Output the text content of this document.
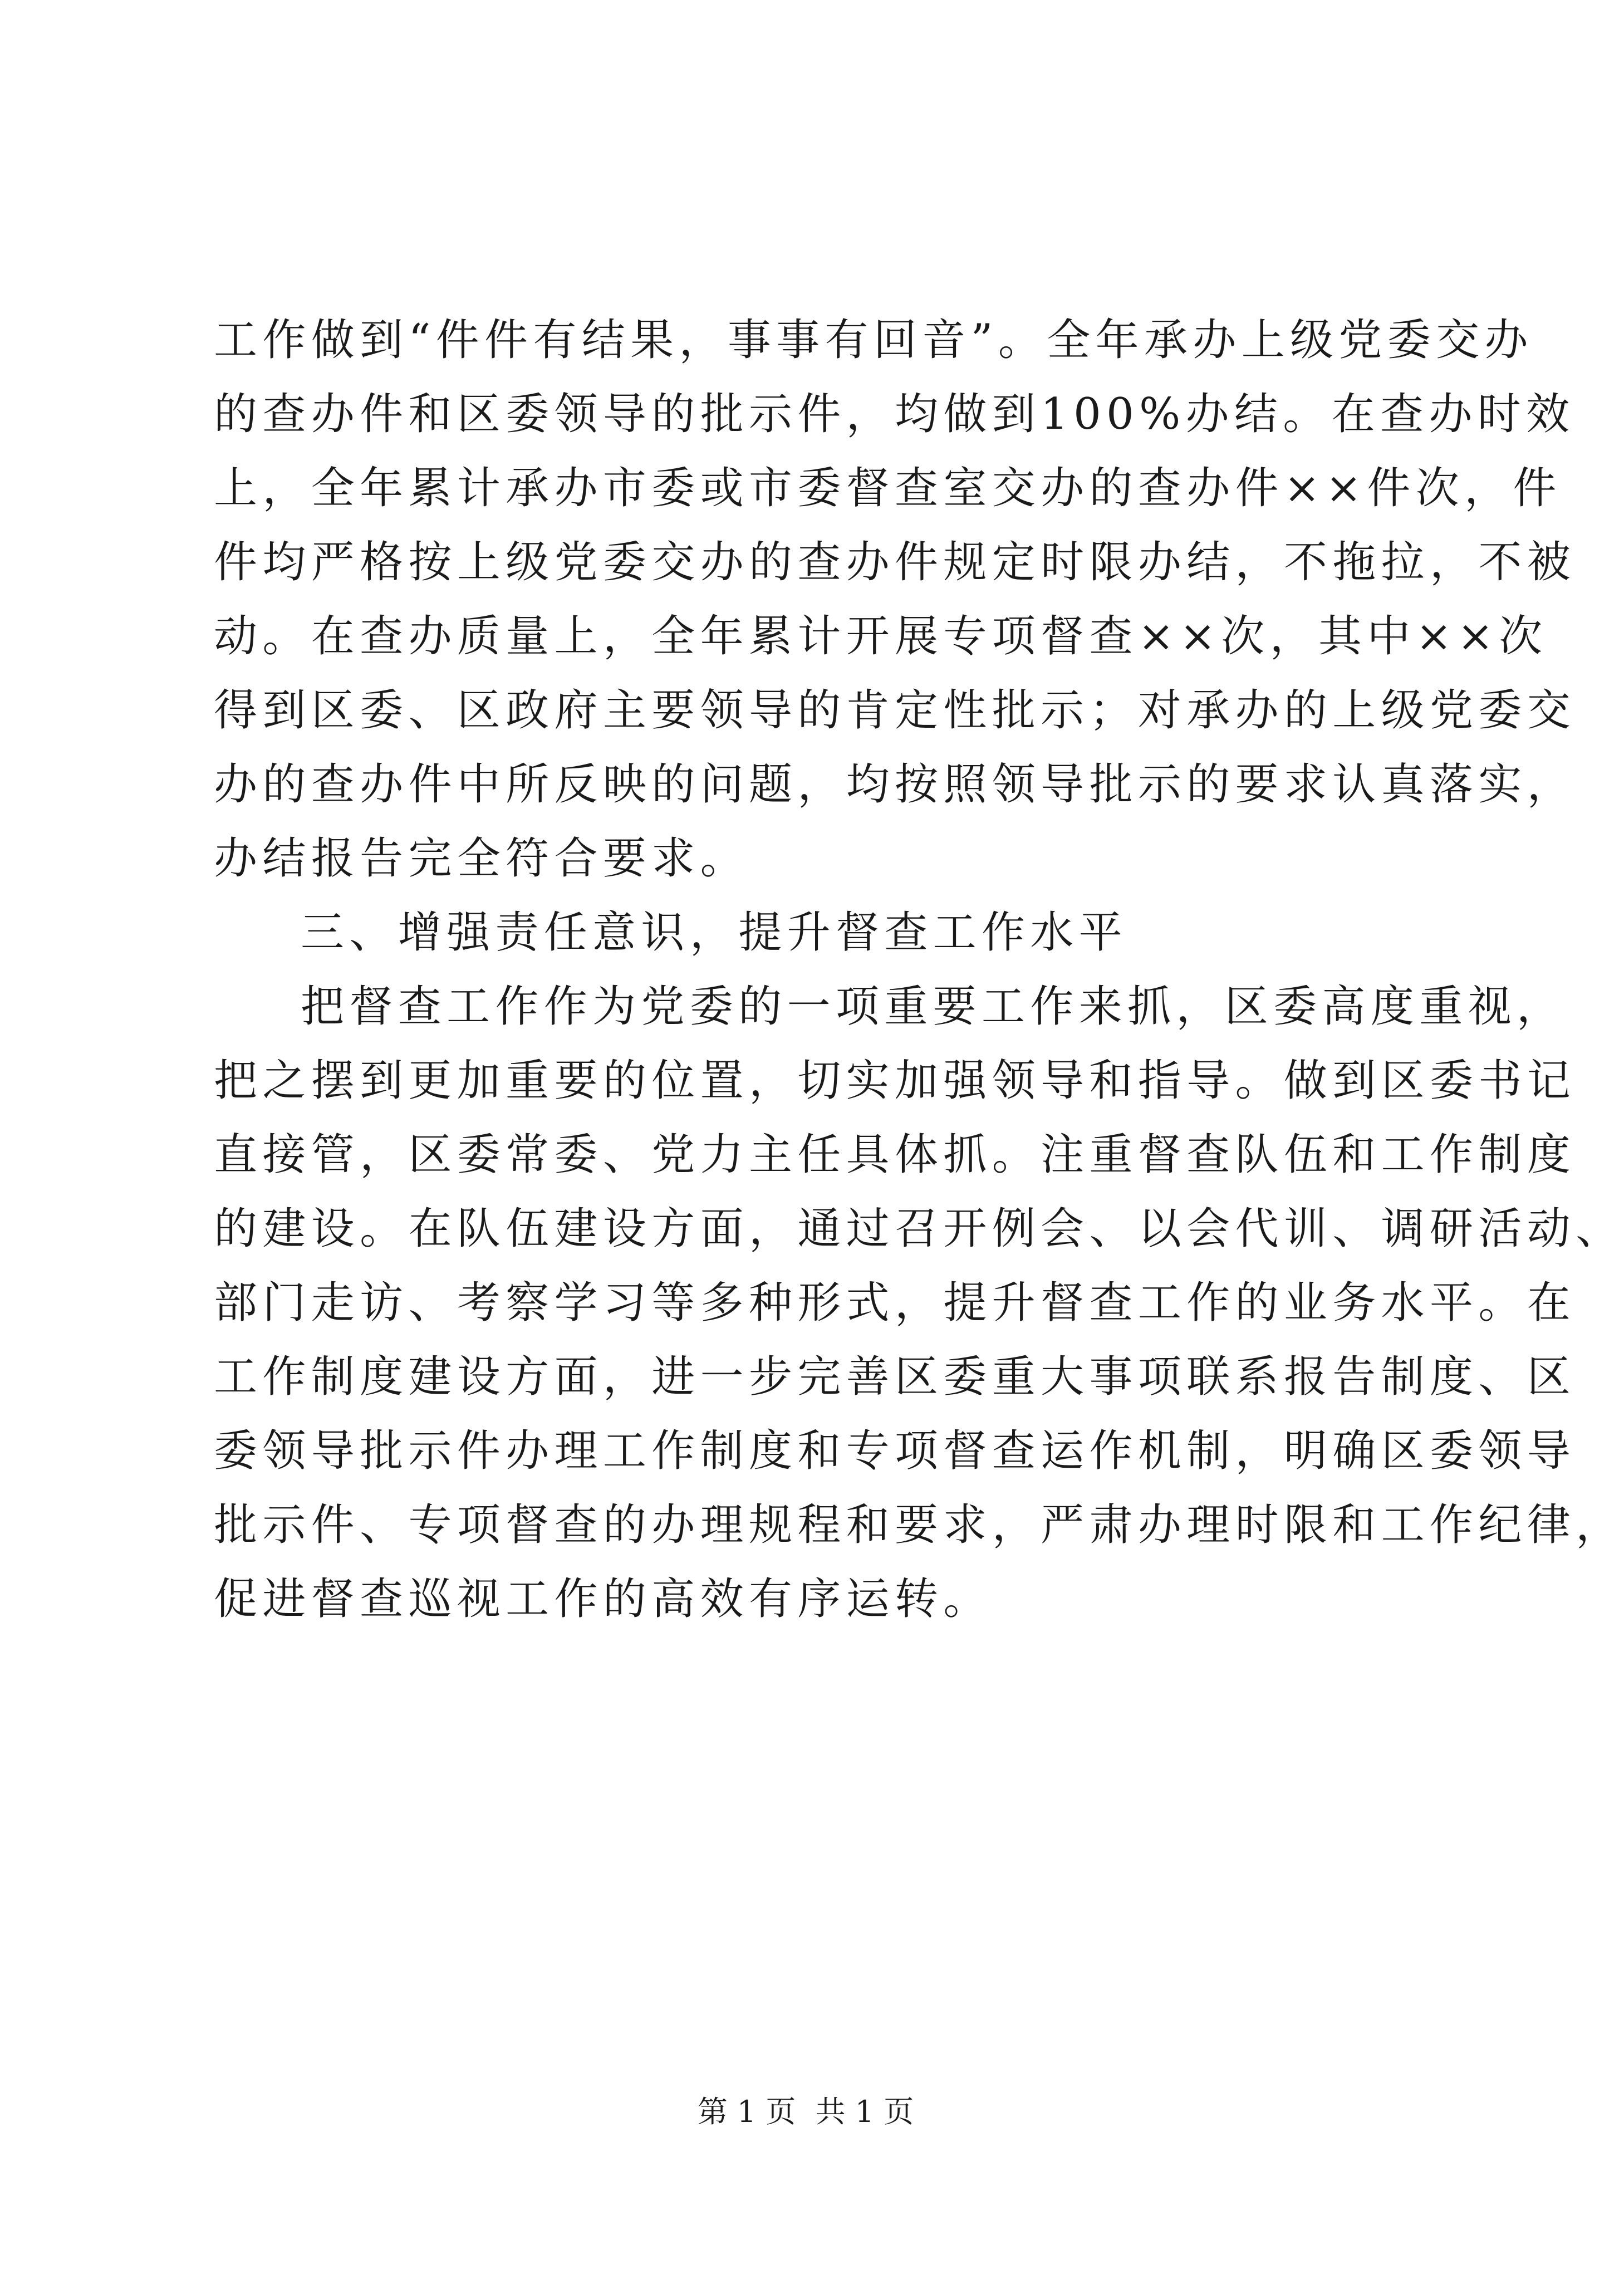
工作做到“件件有结果，事事有回音”。全年承办上级党委交办
的查办件和区委领导的批示件，均做到100%办结。在查办时效
上，全年累计承办市委或市委督查室交办的查办件××件次，件
件均严格按上级党委交办的查办件规定时限办结，不拖拉，不被
动。在查办质量上，全年累计开展专项督查××次，其中××次
得到区委、区政府主要领导的肯定性批示；对承办的上级党委交
办的查办件中所反映的问题，均按照领导批示的要求认真落实，
办结报告完全符合要求。
三、增强责任意识，提升督查工作水平
把督查工作作为党委的一项重要工作来抓，区委高度重视，
把之摆到更加重要的位置，切实加强领导和指导。做到区委书记
直接管，区委常委、党力主任具体抓。注重督查队伍和工作制度
的建设。在队伍建设方面，通过召开例会、以会代训、调研活动、
部门走访、考察学习等多种形式，提升督查工作的业务水平。在
工作制度建设方面，进一步完善区委重大事项联系报告制度、区
委领导批示件办理工作制度和专项督查运作机制，明确区委领导
批示件、专项督查的办理规程和要求，严肃办理时限和工作纪律，
促进督查巡视工作的高效有序运转。
第 1 页 共 1 页
